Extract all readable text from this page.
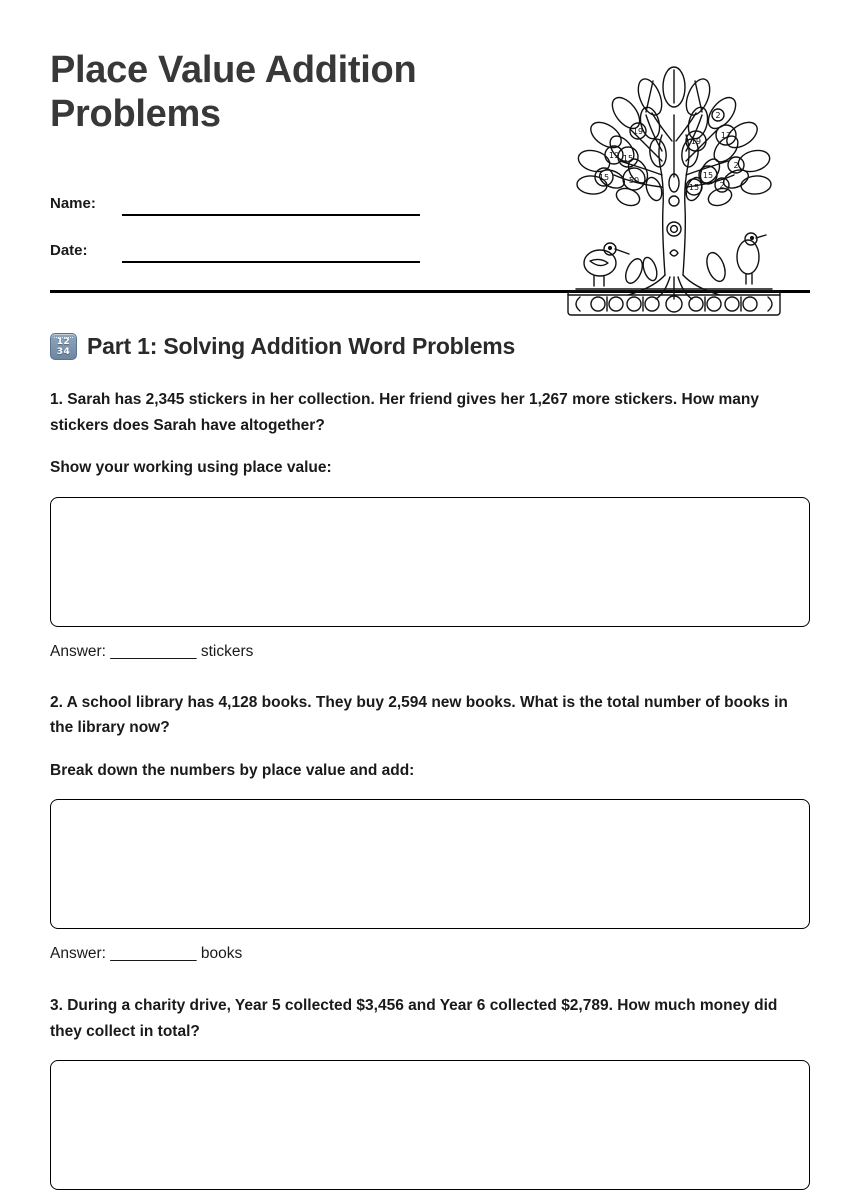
Place Value Addition Problems
Name:
Date:
19
19 15
15 50
19
17
15
15
2
2
2
12
34 Part 1: Solving Addition Word Problems
1. Sarah has 2,345 stickers in her collection. Her friend gives her 1,267 more stickers. How many stickers does Sarah have altogether?
Show your working using place value:
Answer: __________ stickers
2. A school library has 4,128 books. They buy 2,594 new books. What is the total number of books in the library now?
Break down the numbers by place value and add:
Answer: __________ books
3. During a charity drive, Year 5 collected $3,456 and Year 6 collected $2,789. How much money did they collect in total?
